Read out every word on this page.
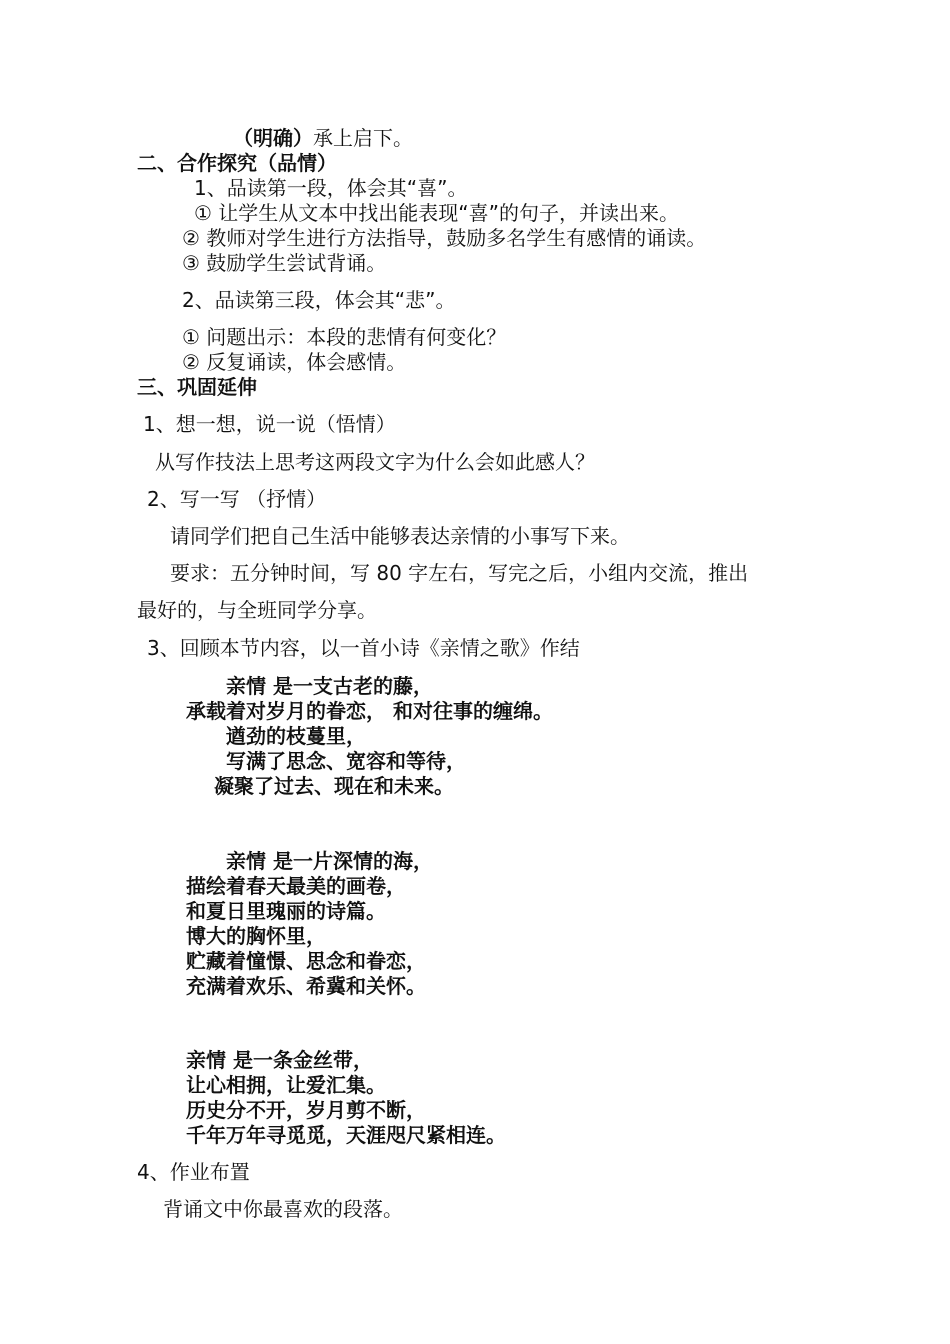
（明确）承上启下。
二、合作探究（品情）
1、品读第一段，体会其“喜”。
① 让学生从文本中找出能表现“喜”的句子，并读出来。
② 教师对学生进行方法指导，鼓励多名学生有感情的诵读。
③ 鼓励学生尝试背诵。
2、品读第三段，体会其“悲”。
① 问题出示：本段的悲情有何变化？
② 反复诵读，体会感情。
三、巩固延伸
1、想一想，说一说（悟情）
从写作技法上思考这两段文字为什么会如此感人？
2、写一写 （抒情）
请同学们把自己生活中能够表达亲情的小事写下来。
要求：五分钟时间，写 80 字左右，写完之后，小组内交流，推出
最好的，与全班同学分享。
3、回顾本节内容，以一首小诗《亲情之歌》作结
亲情 是一支古老的藤，
承载着对岁月的眷恋， 和对往事的缠绵。
遒劲的枝蔓里，
写满了思念、宽容和等待，
凝聚了过去、现在和未来。
亲情 是一片深情的海，
描绘着春天最美的画卷，
和夏日里瑰丽的诗篇。
博大的胸怀里，
贮藏着憧憬、思念和眷恋，
充满着欢乐、希冀和关怀。
亲情 是一条金丝带，
让心相拥，让爱汇集。
历史分不开，岁月剪不断，
千年万年寻觅觅，天涯咫尺紧相连。
4、作业布置
背诵文中你最喜欢的段落。
